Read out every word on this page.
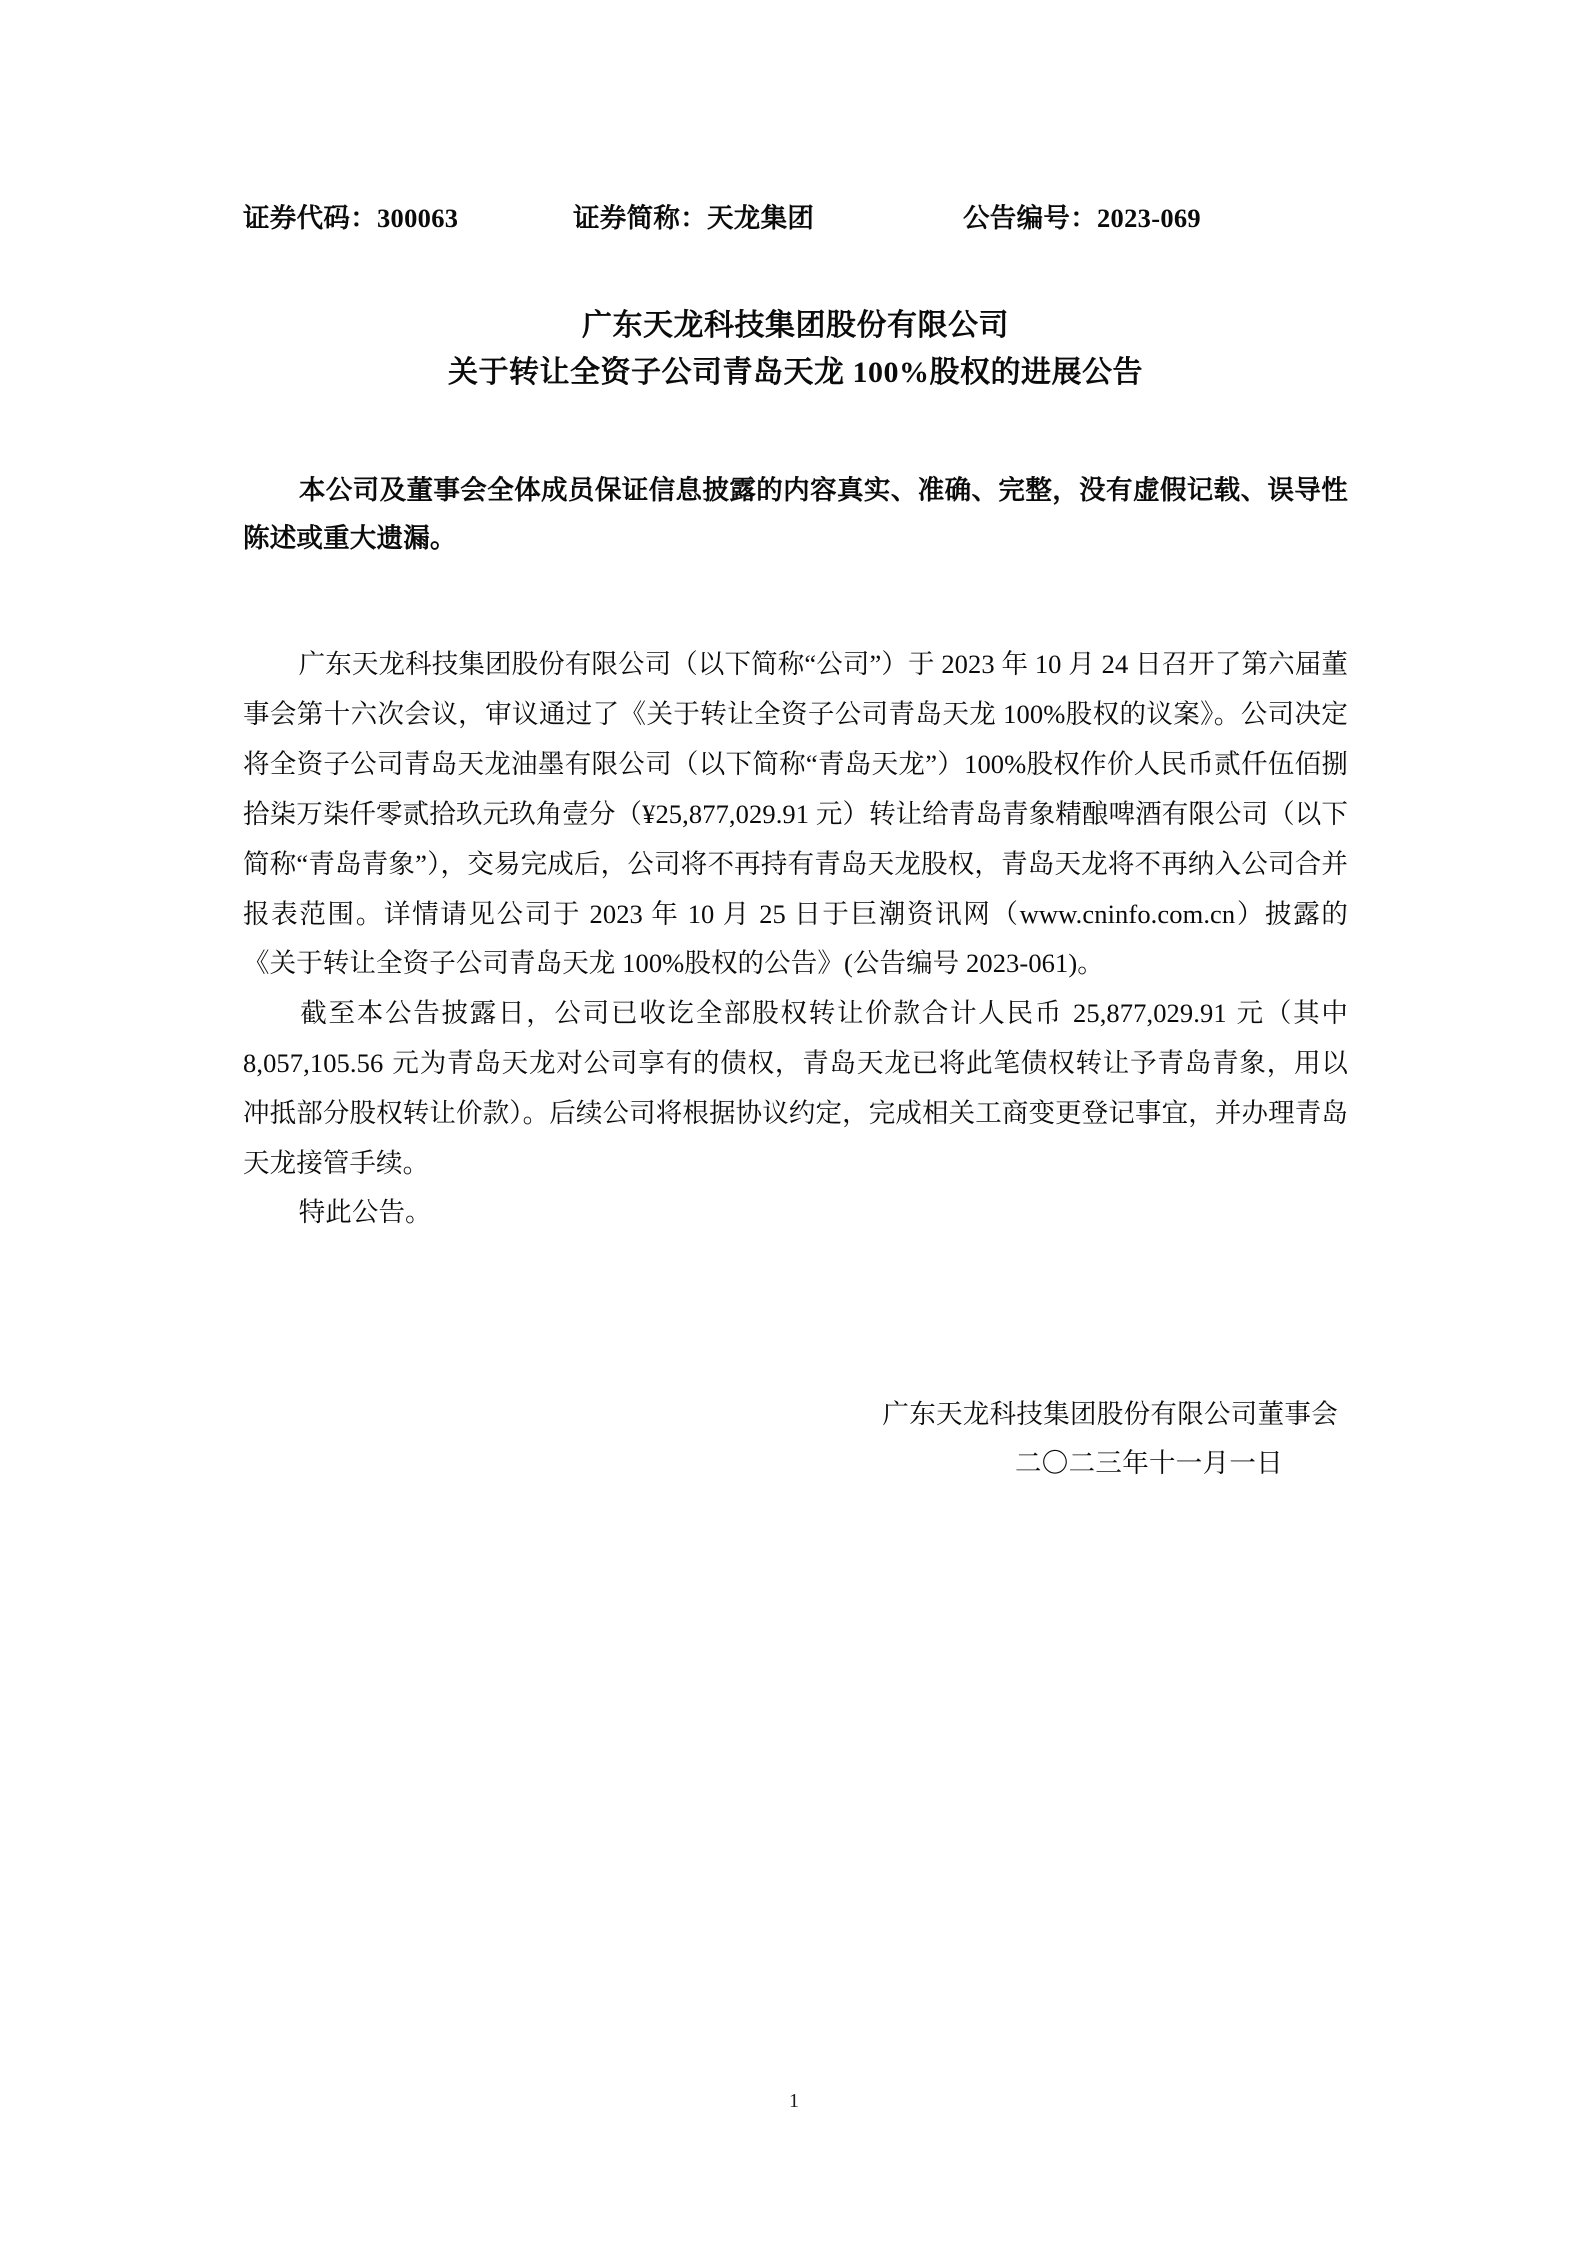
证券代码：300063	证券简称：天龙集团	公告编号：2023-069
广东天龙科技集团股份有限公司
关于转让全资子公司青岛天龙 100%股权的进展公告
本公司及董事会全体成员保证信息披露的内容真实、准确、完整，没有虚假记载、误导性陈述或重大遗漏。

广东天龙科技集团股份有限公司（以下简称“公司”）于 2023 年 10 月 24 日召开了第六届董事会第十六次会议，审议通过了《关于转让全资子公司青岛天龙 100%股权的议案》。公司决定将全资子公司青岛天龙油墨有限公司（以下简称“青岛天龙”）100%股权作价人民币贰仟伍佰捌拾柒万柒仟零贰拾玖元玖角壹分（¥25,877,029.91 元）转让给青岛青象精酿啤酒有限公司（以下简称“青岛青象”），交易完成后，公司将不再持有青岛天龙股权，青岛天龙将不再纳入公司合并报表范围。详情请见公司于 2023 年 10 月 25 日于巨潮资讯网（www.cninfo.com.cn）披露的《关于转让全资子公司青岛天龙 100%股权的公告》(公告编号 2023-061)。

截至本公告披露日，公司已收讫全部股权转让价款合计人民币 25,877,029.91 元（其中 8,057,105.56 元为青岛天龙对公司享有的债权，青岛天龙已将此笔债权转让予青岛青象，用以冲抵部分股权转让价款）。后续公司将根据协议约定，完成相关工商变更登记事宜，并办理青岛天龙接管手续。

特此公告。

广东天龙科技集团股份有限公司董事会
二〇二三年十一月一日
1
